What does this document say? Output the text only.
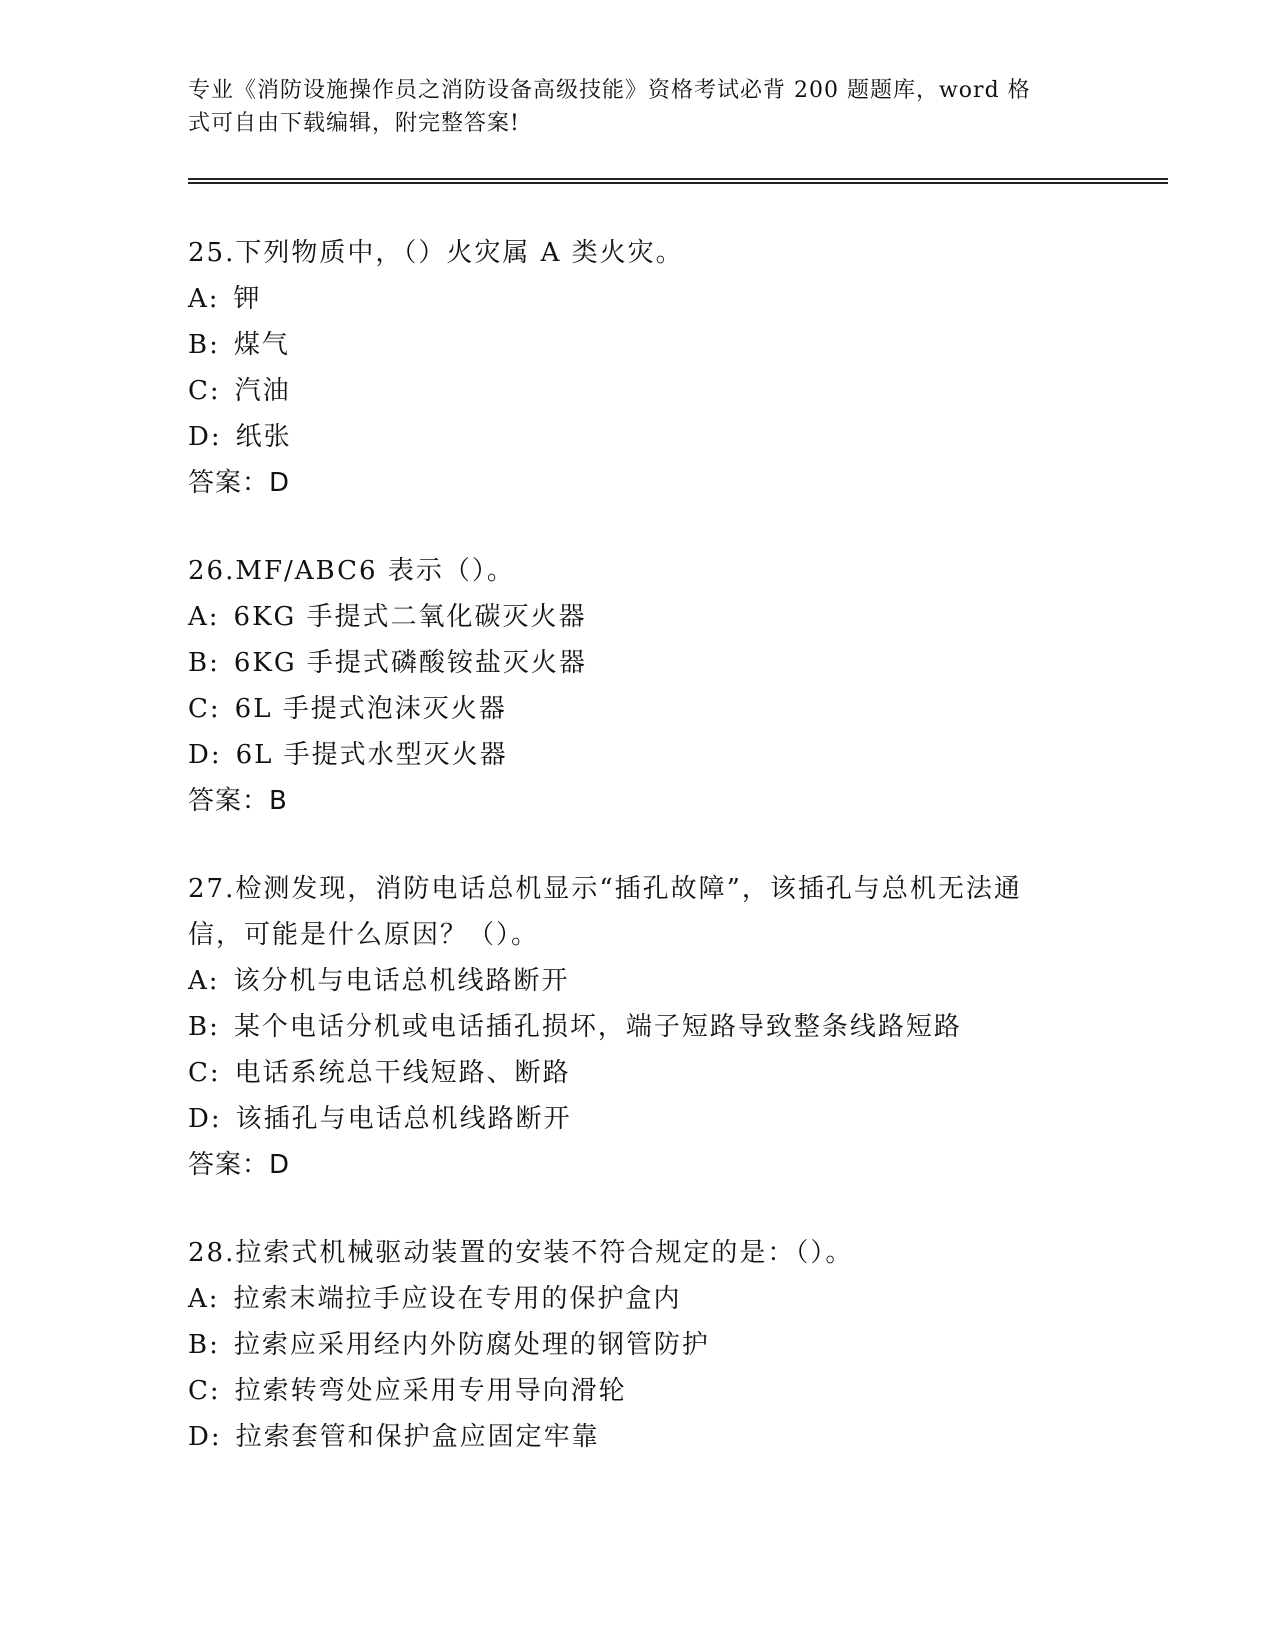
专业《消防设施操作员之消防设备高级技能》资格考试必背 200 题题库，word 格
式可自由下载编辑，附完整答案!
25.下列物质中，（）火灾属 A 类火灾。
A: 钾
B: 煤气
C: 汽油
D: 纸张
答案：D
26.MF/ABC6 表示（）。
A: 6KG 手提式二氧化碳灭火器
B: 6KG 手提式磷酸铵盐灭火器
C: 6L 手提式泡沫灭火器
D: 6L 手提式水型灭火器
答案：B
27.检测发现，消防电话总机显示“插孔故障”，该插孔与总机无法通
信，可能是什么原因？（）。
A: 该分机与电话总机线路断开
B: 某个电话分机或电话插孔损坏，端子短路导致整条线路短路
C: 电话系统总干线短路、断路
D: 该插孔与电话总机线路断开
答案：D
28.拉索式机械驱动装置的安装不符合规定的是：（）。
A: 拉索末端拉手应设在专用的保护盒内
B: 拉索应采用经内外防腐处理的钢管防护
C: 拉索转弯处应采用专用导向滑轮
D: 拉索套管和保护盒应固定牢靠
